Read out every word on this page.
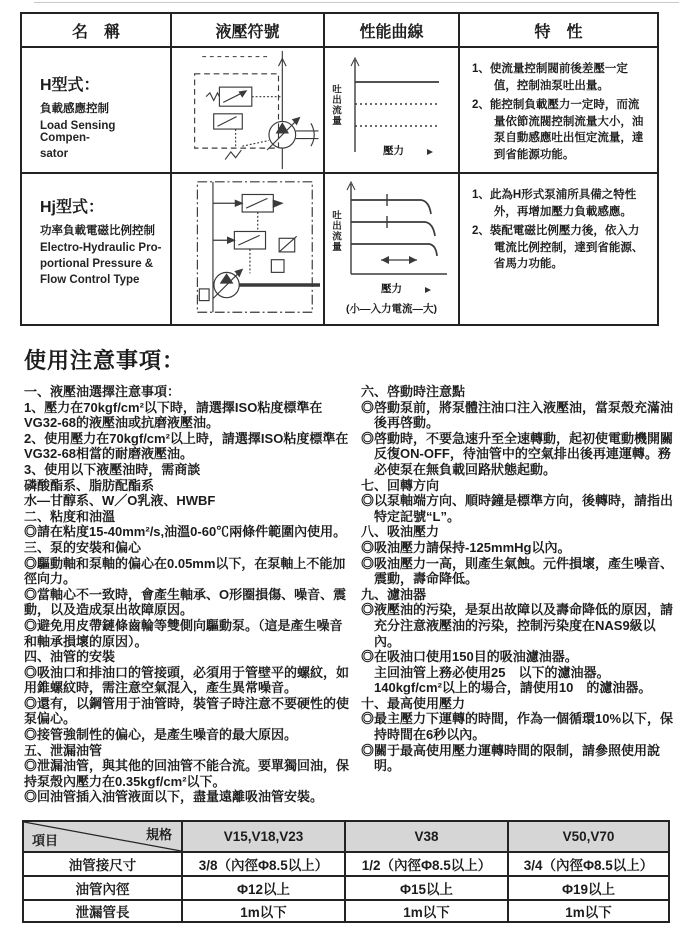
名　稱	液壓符號	性能曲線	特　性
H型式：
負載感應控制
Load Sensing Compen-
sator
吐出流量
壓力
1、使流量控制閥前後差壓一定值，控制油泵吐出量。
2、能控制負載壓力一定時，而流量依節流閥控制流量大小，油泵自動感應吐出恒定流量，達到省能源功能。
Hj型式：
功率負載電磁比例控制
Electro-Hydraulic Pro-
portional Pressure &
Flow Control Type
吐出流量
壓力
(小—入力電流—大)
1、此為H形式泵浦所具備之特性外，再增加壓力負載感應。
2、裝配電磁比例壓力後，依入力電流比例控制，達到省能源、省馬力功能。
使用注意事項：
一、液壓油選擇注意事項：
1、壓力在70kgf/cm²以下時，請選擇ISO粘度標準在VG32-68的液壓油或抗磨液壓油。
2、使用壓力在70kgf/cm²以上時，請選擇ISO粘度標準在VG32-68相當的耐磨液壓油。
3、使用以下液壓油時，需商談
磷酸酯系、脂肪配酯系
水—甘醇系、W／O乳液、HWBF
二、粘度和油溫
◎請在粘度15-40mm²/s,油溫0-60℃兩條件範圍內使用。
三、泵的安裝和偏心
◎驅動軸和泵軸的偏心在0.05mm以下，在泵軸上不能加徑向力。
◎當軸心不一致時，會產生軸承、O形圈損傷、噪音、震動，以及造成泵出故障原因。
◎避免用皮帶鏈條齒輪等雙側向驅動泵。（這是產生噪音和軸承損壞的原因）。
四、油管的安裝
◎吸油口和排油口的管接頭，必須用于管壁平的螺紋，如用錐螺紋時，需注意空氣混入，產生異常噪音。
◎還有，以鋼管用于油管時，裝管子時注意不要硬性的使泵偏心。
◎接管強制性的偏心，是產生噪音的最大原因。
五、泄漏油管
◎泄漏油管，與其他的回油管不能合流。要單獨回油，保持泵殼內壓力在0.35kgf/cm²以下。
◎回油管插入油管液面以下，盡量遠離吸油管安裝。
六、啓動時注意點
◎啓動泵前，將泵體注油口注入液壓油，當泵殼充滿油後再啓動。
◎啓動時，不要急速升至全速轉動，起初使電動機開關反復ON-OFF，待油管中的空氣排出後再連運轉。務必使泵在無負載回路狀態起動。
七、回轉方向
◎以泵軸端方向、順時鐘是標準方向，後轉時，請指出特定記號“L”。
八、吸油壓力
◎吸油壓力請保持-125mmHg以內。
◎吸油壓力一高，則產生氣蝕。元件損壞，產生噪音、震動，壽命降低。
九、濾油器
◎液壓油的污染，是泵出故障以及壽命降低的原因，請充分注意液壓油的污染，控制污染度在NAS9級以內。
◎在吸油口使用150目的吸油濾油器。
主回油管上務必使用25　以下的濾油器。
140kgf/cm²以上的場合，請使用10　的濾油器。
十、最高使用壓力
◎最主壓力下運轉的時間，作為一個循環10%以下，保持時間在6秒以內。
◎關于最高使用壓力運轉時間的限制，請參照使用說明。
規格
項目	V15,V18,V23	V38	V50,V70
油管接尺寸	3/8（內徑Φ8.5以上）	1/2（內徑Φ8.5以上）	3/4（內徑Φ8.5以上）
油管內徑	Φ12以上	Φ15以上	Φ19以上
泄漏管長	1m以下	1m以下	1m以下
